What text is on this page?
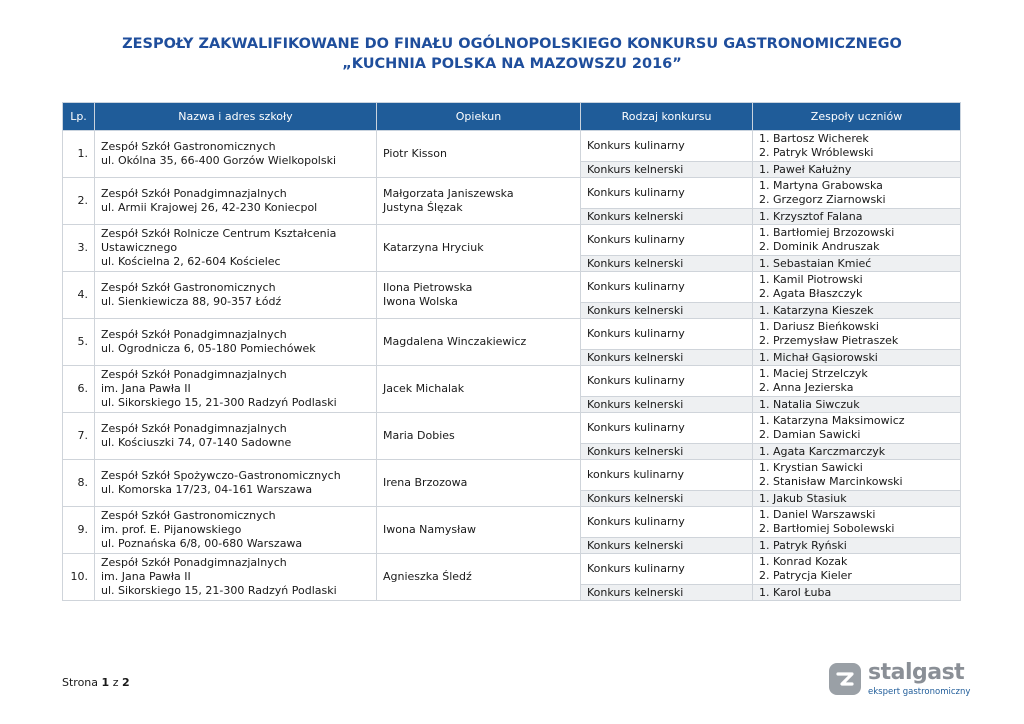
ZESPOŁY ZAKWALIFIKOWANE DO FINAŁU OGÓLNOPOLSKIEGO KONKURSU GASTRONOMICZNEGO
„KUCHNIA POLSKA NA MAZOWSZU 2016”
Lp.	Nazwa i adres szkoły	Opiekun	Rodzaj konkursu	Zespoły uczniów
1.	Zespół Szkół Gastronomicznych
ul. Okólna 35, 66-400 Gorzów Wielkopolski	Piotr Kisson	Konkurs kulinarny	1. Bartosz Wicherek
2. Patryk Wróblewski

			Konkurs kelnerski	1. Paweł Kałużny
2.	Zespół Szkół Ponadgimnazjalnych
ul. Armii Krajowej 26, 42-230 Koniecpol	Małgorzata Janiszewska
Justyna Ślęzak	Konkurs kulinarny	1. Martyna Grabowska
2. Grzegorz Ziarnowski

			Konkurs kelnerski	1. Krzysztof Falana
3.	Zespół Szkół Rolnicze Centrum Kształcenia
Ustawicznego
ul. Kościelna 2, 62-604 Kościelec	Katarzyna Hryciuk	Konkurs kulinarny	1. Bartłomiej Brzozowski
2. Dominik Andruszak

			Konkurs kelnerski	1. Sebastaian Kmieć
4.	Zespół Szkół Gastronomicznych
ul. Sienkiewicza 88, 90-357 Łódź	Ilona Pietrowska
Iwona Wolska	Konkurs kulinarny	1. Kamil Piotrowski
2. Agata Błaszczyk

			Konkurs kelnerski	1. Katarzyna Kieszek
5.	Zespół Szkół Ponadgimnazjalnych
ul. Ogrodnicza 6, 05-180 Pomiechówek	Magdalena Winczakiewicz	Konkurs kulinarny	1. Dariusz Bieńkowski
2. Przemysław Pietraszek

			Konkurs kelnerski	1. Michał Gąsiorowski
6.	Zespół Szkół Ponadgimnazjalnych
im. Jana Pawła II
ul. Sikorskiego 15, 21-300 Radzyń Podlaski	Jacek Michalak	Konkurs kulinarny	1. Maciej Strzelczyk
2. Anna Jezierska

			Konkurs kelnerski	1. Natalia Siwczuk
7.	Zespół Szkół Ponadgimnazjalnych
ul. Kościuszki 74, 07-140 Sadowne	Maria Dobies	Konkurs kulinarny	1. Katarzyna Maksimowicz
2. Damian Sawicki

			Konkurs kelnerski	1. Agata Karczmarczyk
8.	Zespół Szkół Spożywczo-Gastronomicznych
ul. Komorska 17/23, 04-161 Warszawa	Irena Brzozowa	konkurs kulinarny	1. Krystian Sawicki
2. Stanisław Marcinkowski

			Konkurs kelnerski	1. Jakub Stasiuk
9.	Zespół Szkół Gastronomicznych
im. prof. E. Pijanowskiego
ul. Poznańska 6/8, 00-680 Warszawa	Iwona Namysław	Konkurs kulinarny	1. Daniel Warszawski
2. Bartłomiej Sobolewski

			Konkurs kelnerski	1. Patryk Ryński
10.	Zespół Szkół Ponadgimnazjalnych
im. Jana Pawła II
ul. Sikorskiego 15, 21-300 Radzyń Podlaski	Agnieszka Śledź	Konkurs kulinarny	1. Konrad Kozak
2. Patrycja Kieler

			Konkurs kelnerski	1. Karol Łuba
Strona 1 z 2	stalgast
ekspert gastronomiczny
